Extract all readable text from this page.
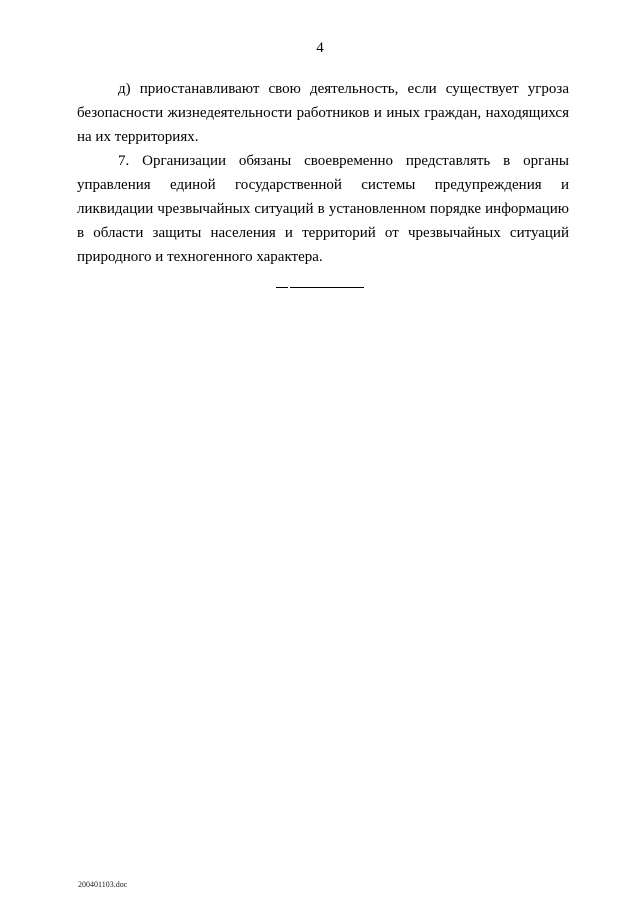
4

д) приостанавливают свою деятельность, если существует угроза безопасности жизнедеятельности работников и иных граждан, находящихся на их территориях.

7. Организации обязаны своевременно представлять в органы управления единой государственной системы предупреждения и ликвидации чрезвычайных ситуаций в установленном порядке информацию в области защиты населения и территорий от чрезвычайных ситуаций природного и техногенного характера.

200401103.doc
